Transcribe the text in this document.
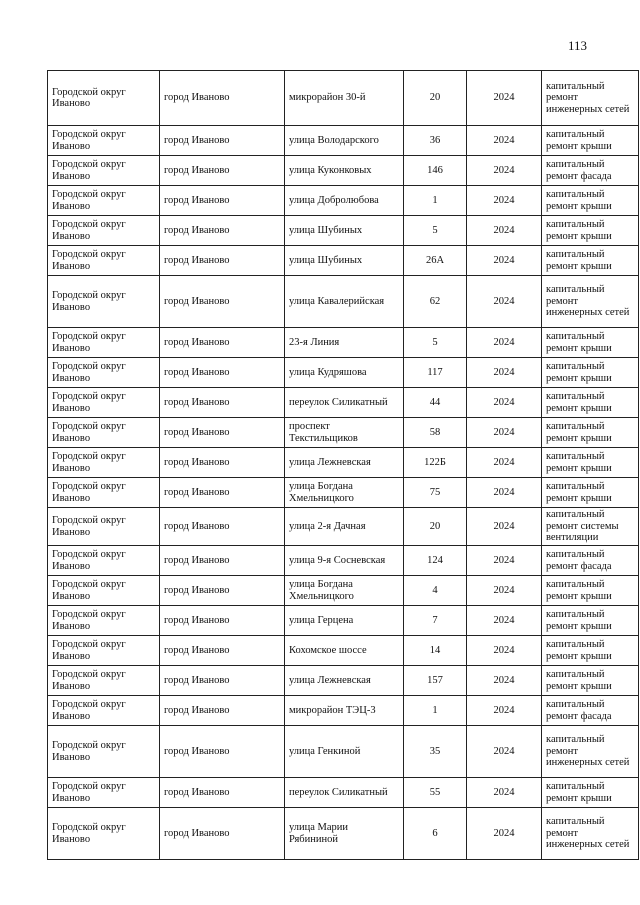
113
Городской округ Иваново	город Иваново	микрорайон 30-й	20	2024	капитальный ремонт инженерных сетей
Городской округ Иваново	город Иваново	улица Володарского	36	2024	капитальный ремонт крыши
Городской округ Иваново	город Иваново	улица Куконковых	146	2024	капитальный ремонт фасада
Городской округ Иваново	город Иваново	улица Добролюбова	1	2024	капитальный ремонт крыши
Городской округ Иваново	город Иваново	улица Шубиных	5	2024	капитальный ремонт крыши
Городской округ Иваново	город Иваново	улица Шубиных	26А	2024	капитальный ремонт крыши
Городской округ Иваново	город Иваново	улица Кавалерийская	62	2024	капитальный ремонт инженерных сетей
Городской округ Иваново	город Иваново	23-я Линия	5	2024	капитальный ремонт крыши
Городской округ Иваново	город Иваново	улица Кудряшова	117	2024	капитальный ремонт крыши
Городской округ Иваново	город Иваново	переулок Силикатный	44	2024	капитальный ремонт крыши
Городской округ Иваново	город Иваново	проспект Текстильщиков	58	2024	капитальный ремонт крыши
Городской округ Иваново	город Иваново	улица Лежневская	122Б	2024	капитальный ремонт крыши
Городской округ Иваново	город Иваново	улица Богдана Хмельницкого	75	2024	капитальный ремонт крыши
Городской округ Иваново	город Иваново	улица 2-я Дачная	20	2024	капитальный ремонт системы вентиляции
Городской округ Иваново	город Иваново	улица 9-я Сосневская	124	2024	капитальный ремонт фасада
Городской округ Иваново	город Иваново	улица Богдана Хмельницкого	4	2024	капитальный ремонт крыши
Городской округ Иваново	город Иваново	улица Герцена	7	2024	капитальный ремонт крыши
Городской округ Иваново	город Иваново	Кохомское шоссе	14	2024	капитальный ремонт крыши
Городской округ Иваново	город Иваново	улица Лежневская	157	2024	капитальный ремонт крыши
Городской округ Иваново	город Иваново	микрорайон ТЭЦ-3	1	2024	капитальный ремонт фасада
Городской округ Иваново	город Иваново	улица Генкиной	35	2024	капитальный ремонт инженерных сетей
Городской округ Иваново	город Иваново	переулок Силикатный	55	2024	капитальный ремонт крыши
Городской округ Иваново	город Иваново	улица Марии Рябининой	6	2024	капитальный ремонт инженерных сетей
